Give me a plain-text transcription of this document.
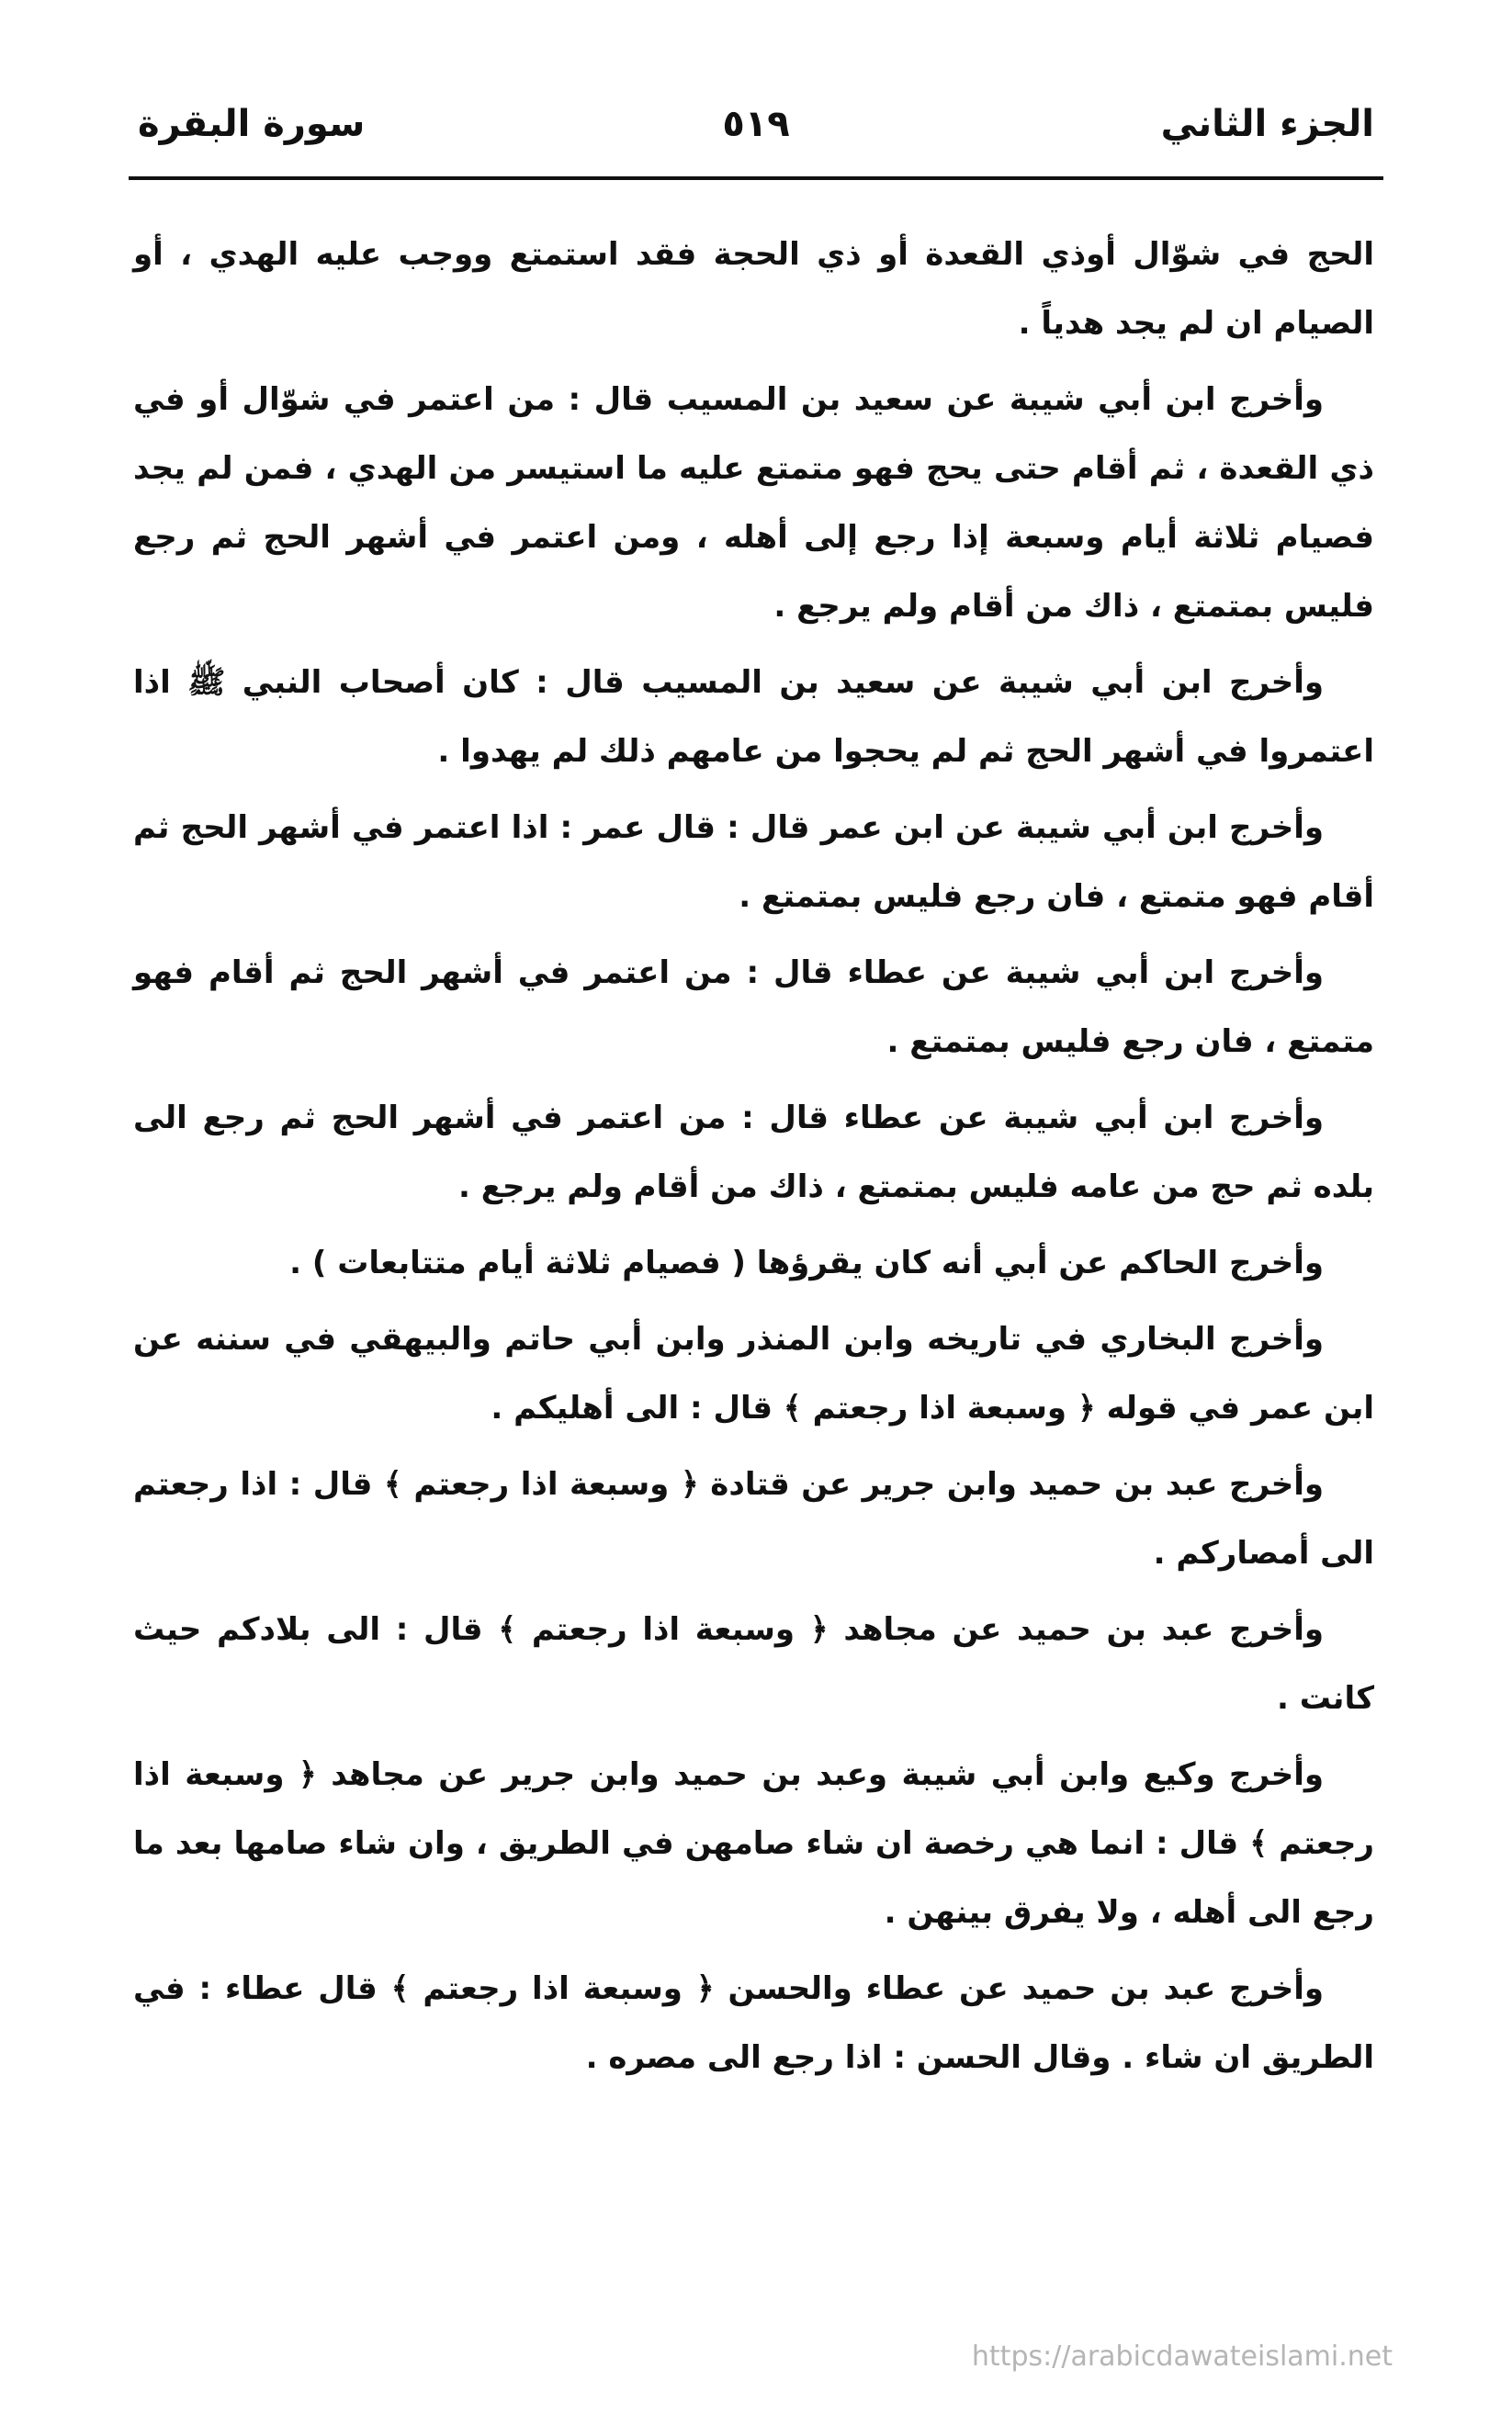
الجزء الثاني
٥١٩
سورة البقرة

الحج في شوّال أوذي القعدة أو ذي الحجة فقد استمتع ووجب عليه الهدي ، أو الصيام ان لم يجد هدياً .

وأخرج ابن أبي شيبة عن سعيد بن المسيب قال : من اعتمر في شوّال أو في ذي القعدة ، ثم أقام حتى يحج فهو متمتع عليه ما استيسر من الهدي ، فمن لم يجد فصيام ثلاثة أيام وسبعة إذا رجع إلى أهله ، ومن اعتمر في أشهر الحج ثم رجع فليس بمتمتع ، ذاك من أقام ولم يرجع .

وأخرج ابن أبي شيبة عن سعيد بن المسيب قال : كان أصحاب النبي ﷺ اذا اعتمروا في أشهر الحج ثم لم يحجوا من عامهم ذلك لم يهدوا .

وأخرج ابن أبي شيبة عن ابن عمر قال : قال عمر : اذا اعتمر في أشهر الحج ثم أقام فهو متمتع ، فان رجع فليس بمتمتع .

وأخرج ابن أبي شيبة عن عطاء قال : من اعتمر في أشهر الحج ثم أقام فهو متمتع ، فان رجع فليس بمتمتع .

وأخرج ابن أبي شيبة عن عطاء قال : من اعتمر في أشهر الحج ثم رجع الى بلده ثم حج من عامه فليس بمتمتع ، ذاك من أقام ولم يرجع .

وأخرج الحاكم عن أبي أنه كان يقرؤها ( فصيام ثلاثة أيام متتابعات ) .

وأخرج البخاري في تاريخه وابن المنذر وابن أبي حاتم والبيهقي في سننه عن ابن عمر في قوله ﴿ وسبعة اذا رجعتم ﴾ قال : الى أهليكم .

وأخرج عبد بن حميد وابن جرير عن قتادة ﴿ وسبعة اذا رجعتم ﴾ قال : اذا رجعتم الى أمصاركم .

وأخرج عبد بن حميد عن مجاهد ﴿ وسبعة اذا رجعتم ﴾ قال : الى بلادكم حيث كانت .

وأخرج وكيع وابن أبي شيبة وعبد بن حميد وابن جرير عن مجاهد ﴿ وسبعة اذا رجعتم ﴾ قال : انما هي رخصة ان شاء صامهن في الطريق ، وان شاء صامها بعد ما رجع الى أهله ، ولا يفرق بينهن .

وأخرج عبد بن حميد عن عطاء والحسن ﴿ وسبعة اذا رجعتم ﴾ قال عطاء : في الطريق ان شاء . وقال الحسن : اذا رجع الى مصره .

https://arabicdawateislami.net
